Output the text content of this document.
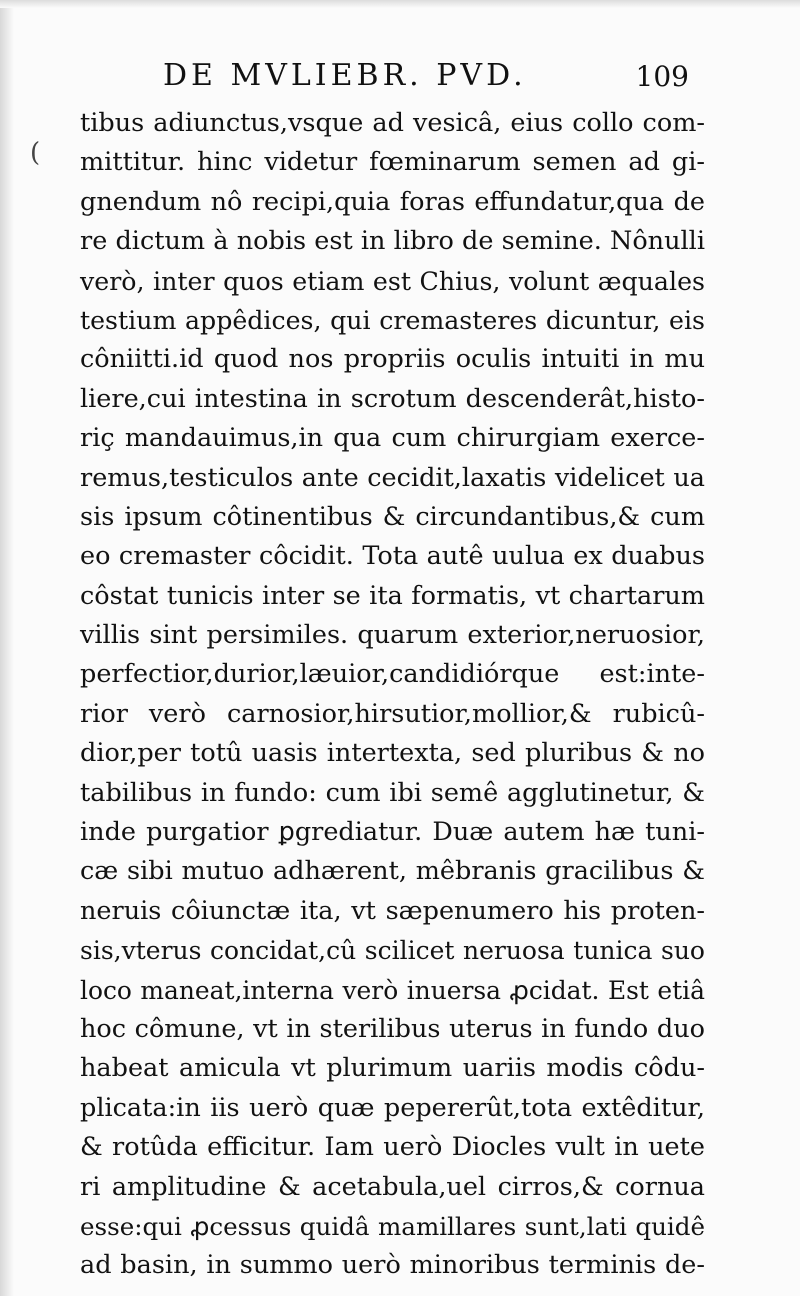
(
DE MVLIEBR. PVD.	109
tibus adiunctus,vsque ad vesicâ, eius collo com-
mittitur. hinc videtur fœminarum semen ad gi-
gnendum nô recipi,quia foras effundatur,qua de
re dictum à nobis est in libro de semine. Nônulli
verò, inter quos etiam est Chius, volunt æquales
testium appêdices, qui cremasteres dicuntur, eis
côniitti.id quod nos propriis oculis intuiti in mu
liere,cui intestina in scrotum descenderât,histo-
riç mandauimus,in qua cum chirurgiam exerce-
remus,testiculos ante cecidit,laxatis videlicet ua
sis ipsum côtinentibus & circundantibus,& cum
eo cremaster côcidit. Tota autê uulua ex duabus
côstat tunicis inter se ita formatis, vt chartarum
villis sint persimiles. quarum exterior,neruosior,
perfectior,durior,læuior,candidiórque est:inte-
rior verò carnosior,hirsutior,mollior,& rubicû-
dior,per totû uasis intertexta, sed pluribus & no
tabilibus in fundo: cum ibi semê agglutinetur, &
inde purgatior ꝑgrediatur. Duæ autem hæ tuni-
cæ sibi mutuo adhærent, mêbranis gracilibus &
neruis côiunctæ ita, vt sæpenumero his proten-
sis,vterus concidat,cû scilicet neruosa tunica suo
loco maneat,interna verò inuersa ꝓcidat. Est etiâ
hoc cômune, vt in sterilibus uterus in fundo duo
habeat amicula vt plurimum uariis modis côdu-
plicata:in iis uerò quæ pepererût,tota extêditur,
& rotûda efficitur. Iam uerò Diocles vult in uete
ri amplitudine & acetabula,uel cirros,& cornua
esse:qui ꝓcessus quidâ mamillares sunt,lati quidê
ad basin, in summo uerò minoribus terminis de-
